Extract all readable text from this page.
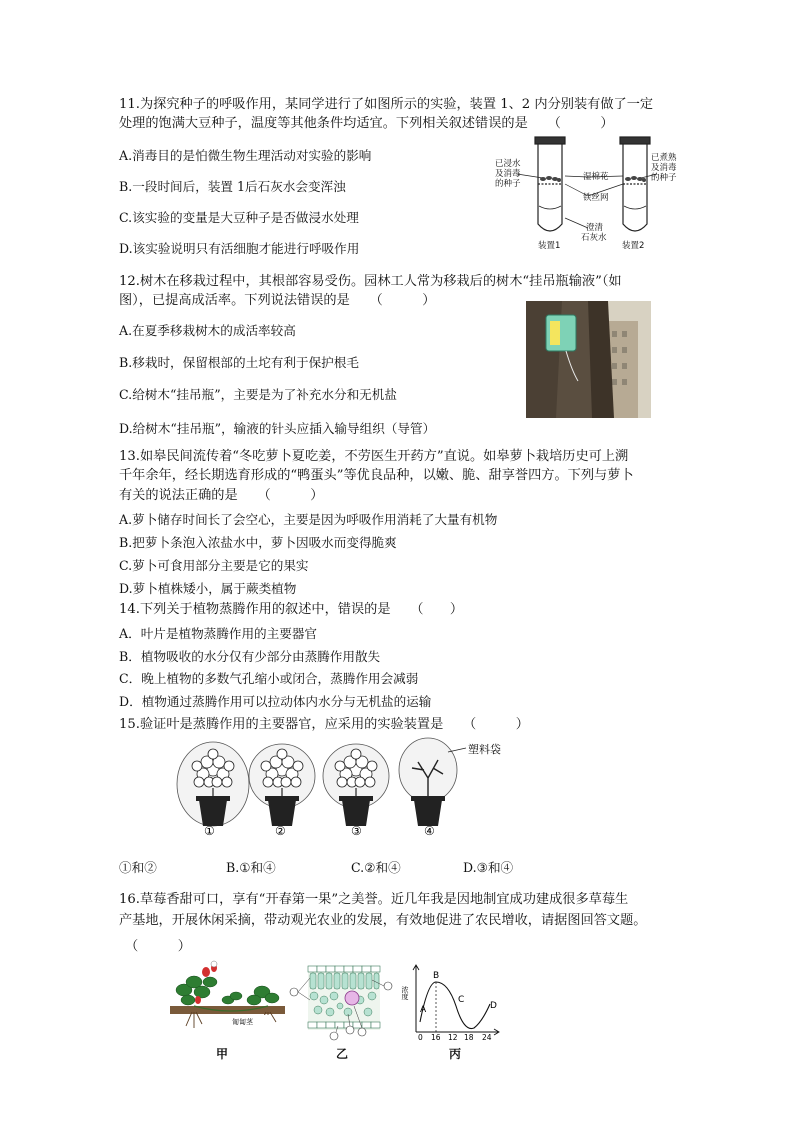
11.为探究种子的呼吸作用，某同学进行了如图所示的实验，装置 1、2 内分别装有做了一定
处理的饱满大豆种子，温度等其他条件均适宜。下列相关叙述错误的是　　（　　　）
A.消毒目的是怕微生物生理活动对实验的影响
B.一段时间后，装置 1后石灰水会变浑浊
C.该实验的变量是大豆种子是否做浸水处理
D.该实验说明只有活细胞才能进行呼吸作用
已浸水
及消毒
的种子
已煮熟
及消毒
的种子
湿棉花
铁丝网
澄清
石灰水
装置1	装置2
12.树木在移栽过程中，其根部容易受伤。园林工人常为移栽后的树木“挂吊瓶输液”（如
图），已提高成活率。下列说法错误的是　　（　　　）
A.在夏季移栽树木的成活率较高
B.移栽时，保留根部的土坨有利于保护根毛
C.给树木“挂吊瓶”，主要是为了补充水分和无机盐
D.给树木“挂吊瓶”，输液的针头应插入输导组织（导管）
13.如皋民间流传着“冬吃萝卜夏吃姜，不劳医生开药方”直说。如皋萝卜栽培历史可上溯
千年余年，经长期选育形成的“鸭蛋头”等优良品种，以嫩、脆、甜享誉四方。下列与萝卜
有关的说法正确的是　　（　　　）
A.萝卜储存时间长了会空心，主要是因为呼吸作用消耗了大量有机物
B.把萝卜条泡入浓盐水中，萝卜因吸水而变得脆爽
C.萝卜可食用部分主要是它的果实
D.萝卜植株矮小，属于蕨类植物
14.下列关于植物蒸腾作用的叙述中，错误的是　　（　　）
A．叶片是植物蒸腾作用的主要器官
B．植物吸收的水分仅有少部分由蒸腾作用散失
C．晚上植物的多数气孔缩小或闭合，蒸腾作用会减弱
D．植物通过蒸腾作用可以拉动体内水分与无机盐的运输
15.验证叶是蒸腾作用的主要器官，应采用的实验装置是　　（　　　）
塑料袋
①	②	③	④
①和②	B.①和④	C.②和④	D.③和④
16.草莓香甜可口，享有“开春第一果”之美誉。近几年我是因地制宜成功建成很多草莓生
产基地，开展休闲采摘，带动观光农业的发展，有效地促进了农民增收，请据图回答文题。
（　　　）
匍匐茎
浓度
A
B
C
D
0 16 12 18 24
甲	乙	丙
